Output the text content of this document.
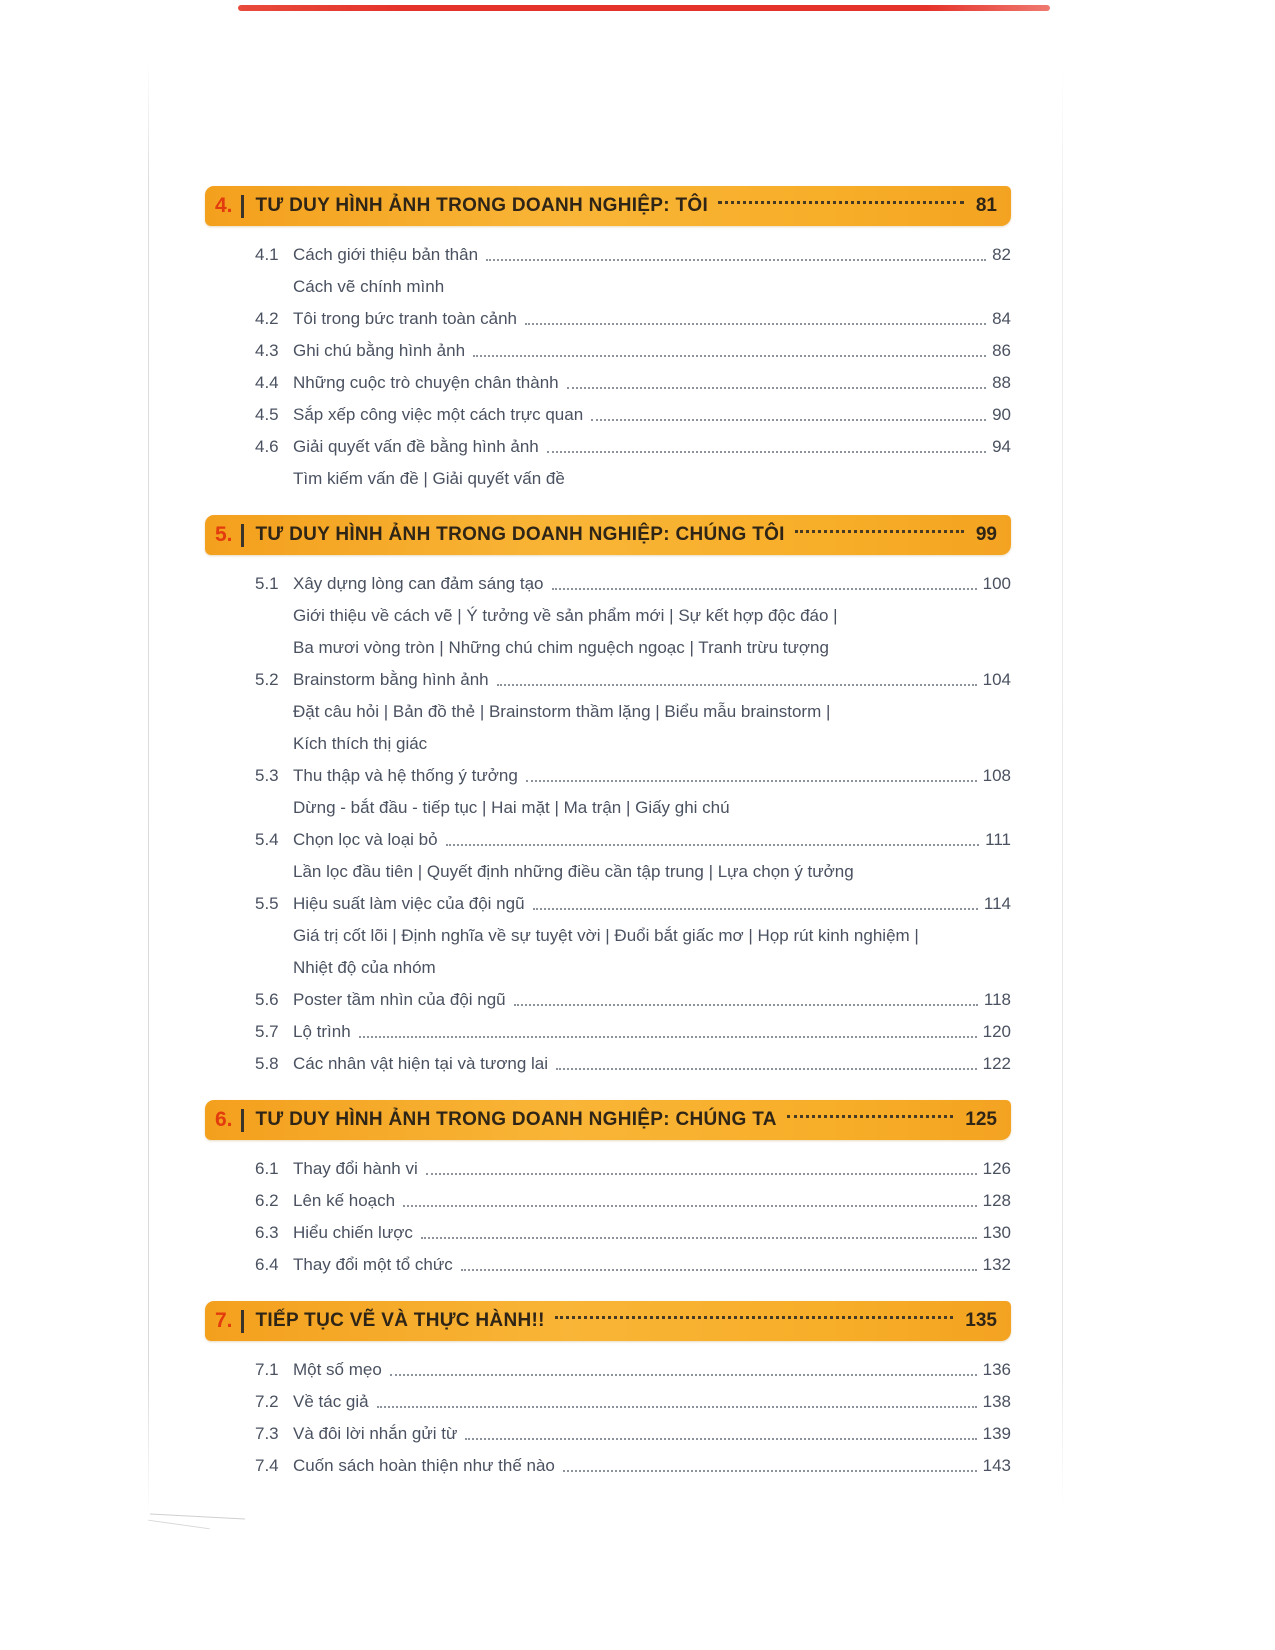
4. TƯ DUY HÌNH ẢNH TRONG DOANH NGHIỆP: TÔI	81
4.1 Cách giới thiệu bản thân	82
Cách vẽ chính mình
4.2 Tôi trong bức tranh toàn cảnh	84
4.3 Ghi chú bằng hình ảnh	86
4.4 Những cuộc trò chuyện chân thành	88
4.5 Sắp xếp công việc một cách trực quan	90
4.6 Giải quyết vấn đề bằng hình ảnh	94
Tìm kiếm vấn đề | Giải quyết vấn đề
5. TƯ DUY HÌNH ẢNH TRONG DOANH NGHIỆP: CHÚNG TÔI	99
5.1 Xây dựng lòng can đảm sáng tạo	100
Giới thiệu về cách vẽ | Ý tưởng về sản phẩm mới | Sự kết hợp độc đáo |
Ba mươi vòng tròn | Những chú chim nguệch ngoạc | Tranh trừu tượng
5.2 Brainstorm bằng hình ảnh	104
Đặt câu hỏi | Bản đồ thẻ | Brainstorm thầm lặng | Biểu mẫu brainstorm |
Kích thích thị giác
5.3 Thu thập và hệ thống ý tưởng	108
Dừng - bắt đầu - tiếp tục | Hai mặt | Ma trận | Giấy ghi chú
5.4 Chọn lọc và loại bỏ	111
Lần lọc đầu tiên | Quyết định những điều cần tập trung | Lựa chọn ý tưởng
5.5 Hiệu suất làm việc của đội ngũ	114
Giá trị cốt lõi | Định nghĩa về sự tuyệt vời | Đuổi bắt giấc mơ | Họp rút kinh nghiệm |
Nhiệt độ của nhóm
5.6 Poster tầm nhìn của đội ngũ	118
5.7 Lộ trình	120
5.8 Các nhân vật hiện tại và tương lai	122
6. TƯ DUY HÌNH ẢNH TRONG DOANH NGHIỆP: CHÚNG TA	125
6.1 Thay đổi hành vi	126
6.2 Lên kế hoạch	128
6.3 Hiểu chiến lược	130
6.4 Thay đổi một tổ chức	132
7. TIẾP TỤC VẼ VÀ THỰC HÀNH!!	135
7.1 Một số mẹo	136
7.2 Về tác giả	138
7.3 Và đôi lời nhắn gửi từ	139
7.4 Cuốn sách hoàn thiện như thế nào	143
